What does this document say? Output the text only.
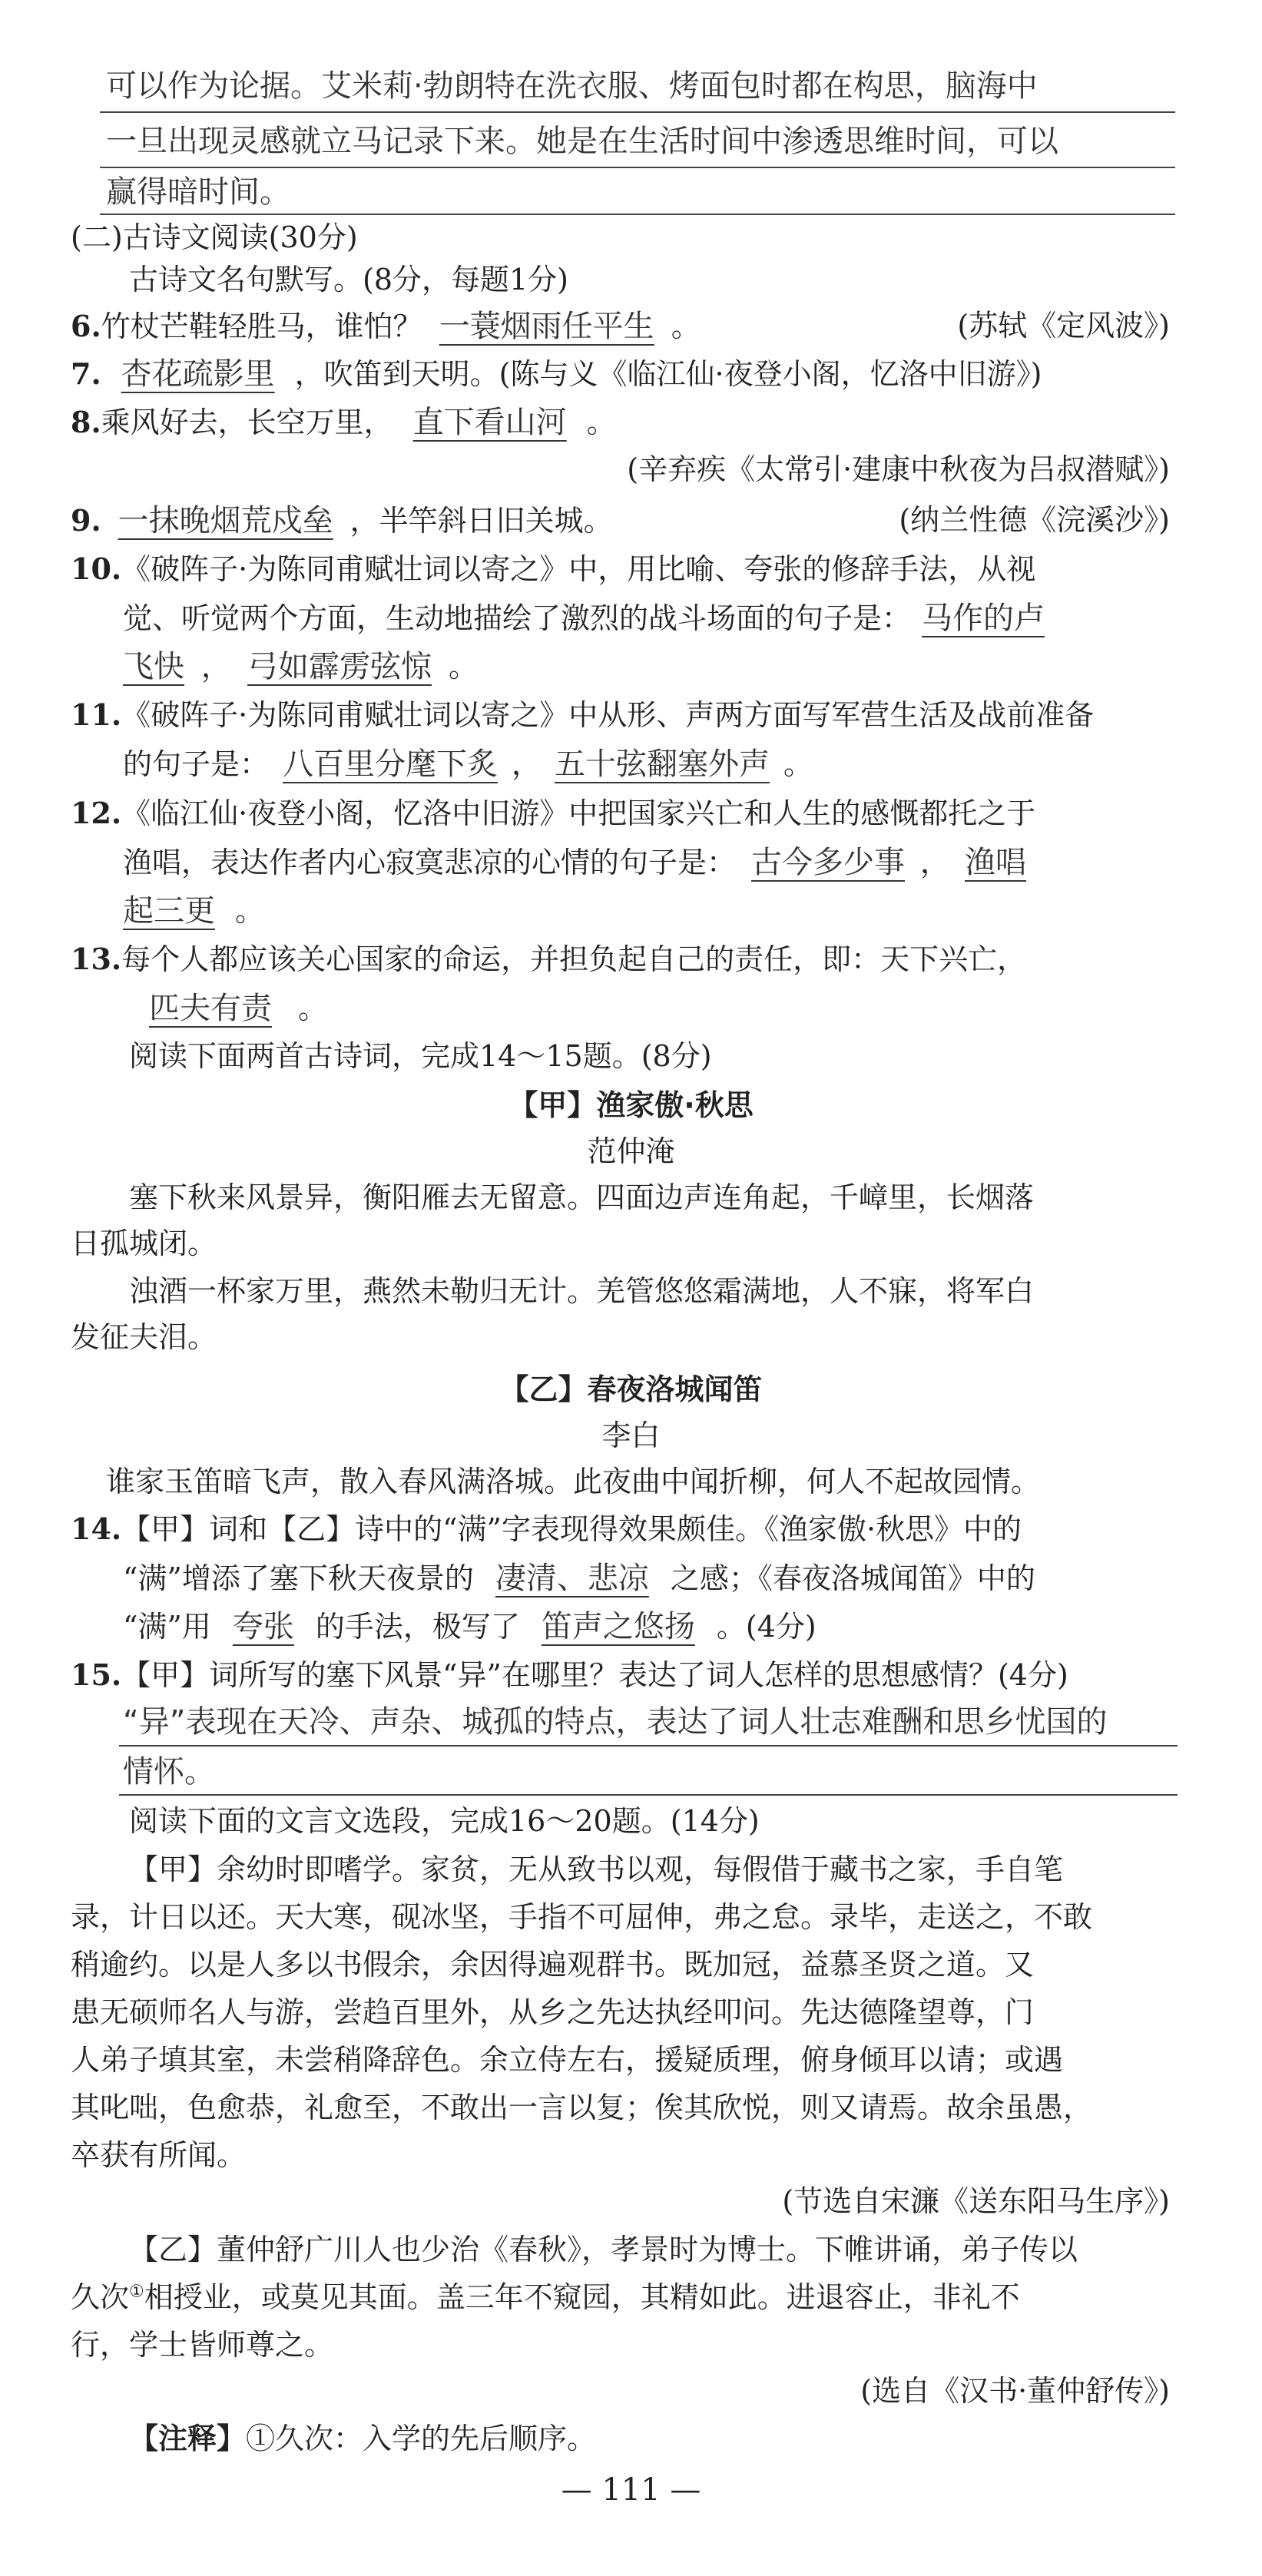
可以作为论据。艾米莉·勃朗特在洗衣服、烤面包时都在构思，脑海中
一旦出现灵感就立马记录下来。她是在生活时间中渗透思维时间，可以
赢得暗时间。
(二)古诗文阅读(30分)
古诗文名句默写。(8分，每题1分)
6.竹杖芒鞋轻胜马，谁怕？ 一蓑烟雨任平生 。	(苏轼《定风波》)
7. 杏花疏影里 ，吹笛到天明。(陈与义《临江仙·夜登小阁，忆洛中旧游》)
8.乘风好去，长空万里， 直下看山河 。
(辛弃疾《太常引·建康中秋夜为吕叔潜赋》)
9. 一抹晚烟荒戍垒 ，半竿斜日旧关城。	(纳兰性德《浣溪沙》)
10.《破阵子·为陈同甫赋壮词以寄之》中，用比喻、夸张的修辞手法，从视
觉、听觉两个方面，生动地描绘了激烈的战斗场面的句子是： 马作的卢
飞快 ， 弓如霹雳弦惊 。
11.《破阵子·为陈同甫赋壮词以寄之》中从形、声两方面写军营生活及战前准备
的句子是： 八百里分麾下炙 ， 五十弦翻塞外声 。
12.《临江仙·夜登小阁，忆洛中旧游》中把国家兴亡和人生的感慨都托之于
渔唱，表达作者内心寂寞悲凉的心情的句子是： 古今多少事 ， 渔唱
起三更 。
13.每个人都应该关心国家的命运，并担负起自己的责任，即：天下兴亡，
匹夫有责 。
阅读下面两首古诗词，完成14～15题。(8分)
【甲】渔家傲·秋思
范仲淹
塞下秋来风景异，衡阳雁去无留意。四面边声连角起，千嶂里，长烟落
日孤城闭。
浊酒一杯家万里，燕然未勒归无计。羌管悠悠霜满地，人不寐，将军白
发征夫泪。
【乙】春夜洛城闻笛
李白
谁家玉笛暗飞声，散入春风满洛城。此夜曲中闻折柳，何人不起故园情。
14.【甲】词和【乙】诗中的“满”字表现得效果颇佳。《渔家傲·秋思》中的
“满”增添了塞下秋天夜景的 凄清、悲凉 之感；《春夜洛城闻笛》中的
“满”用 夸张 的手法，极写了 笛声之悠扬 。(4分)
15.【甲】词所写的塞下风景“异”在哪里？表达了词人怎样的思想感情？(4分)
“异”表现在天冷、声杂、城孤的特点，表达了词人壮志难酬和思乡忧国的
情怀。
阅读下面的文言文选段，完成16～20题。(14分)
【甲】余幼时即嗜学。家贫，无从致书以观，每假借于藏书之家，手自笔
录，计日以还。天大寒，砚冰坚，手指不可屈伸，弗之怠。录毕，走送之，不敢
稍逾约。以是人多以书假余，余因得遍观群书。既加冠，益慕圣贤之道。又
患无硕师名人与游，尝趋百里外，从乡之先达执经叩问。先达德隆望尊，门
人弟子填其室，未尝稍降辞色。余立侍左右，援疑质理，俯身倾耳以请；或遇
其叱咄，色愈恭，礼愈至，不敢出一言以复；俟其欣悦，则又请焉。故余虽愚，
卒获有所闻。
(节选自宋濂《送东阳马生序》)
【乙】董仲舒广川人也少治《春秋》，孝景时为博士。下帷讲诵，弟子传以
久次①相授业，或莫见其面。盖三年不窥园，其精如此。进退容止，非礼不
行，学士皆师尊之。
(选自《汉书·董仲舒传》)
【注释】①久次：入学的先后顺序。
— 111 —
